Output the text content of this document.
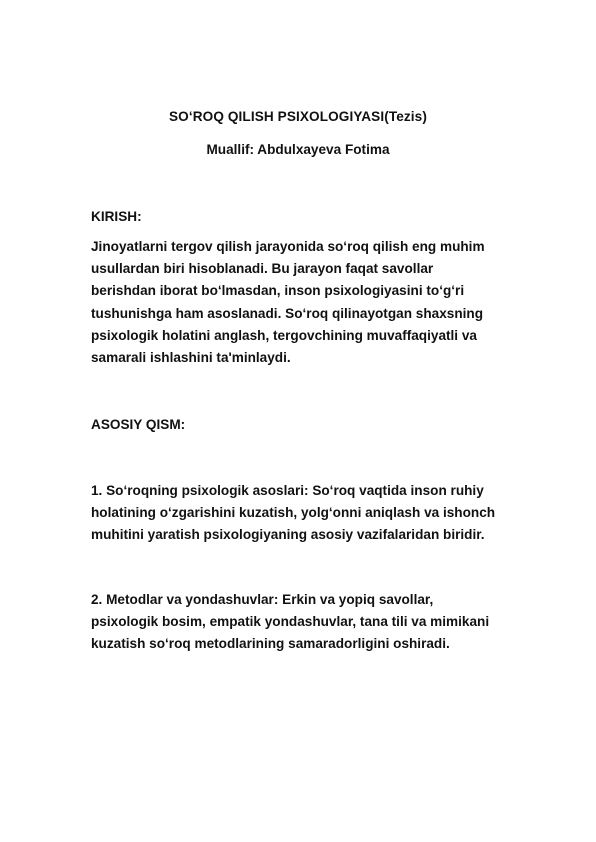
SO‘ROQ QILISH PSIXOLOGIYASI(Tezis)
Muallif: Abdulxayeva Fotima
KIRISH:

Jinoyatlarni tergov qilish jarayonida so‘roq qilish eng muhim
usullardan biri hisoblanadi. Bu jarayon faqat savollar
berishdan iborat bo‘lmasdan, inson psixologiyasini to‘g‘ri
tushunishga ham asoslanadi. So‘roq qilinayotgan shaxsning
psixologik holatini anglash, tergovchining muvaffaqiyatli va
samarali ishlashini ta'minlaydi.

ASOSIY QISM:

1. So‘roqning psixologik asoslari: So‘roq vaqtida inson ruhiy
holatining o‘zgarishini kuzatish, yolg‘onni aniqlash va ishonch
muhitini yaratish psixologiyaning asosiy vazifalaridan biridir.

2. Metodlar va yondashuvlar: Erkin va yopiq savollar,
psixologik bosim, empatik yondashuvlar, tana tili va mimikani
kuzatish so‘roq metodlarining samaradorligini oshiradi.
